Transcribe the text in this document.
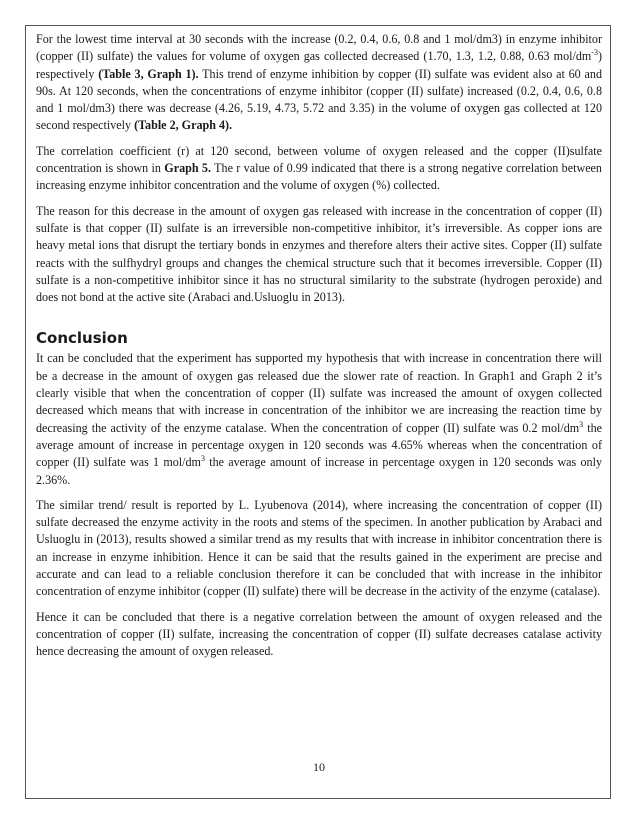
For the lowest time interval at 30 seconds with the increase (0.2, 0.4, 0.6, 0.8 and 1 mol/dm3) in enzyme inhibitor (copper (II) sulfate) the values for volume of oxygen gas collected decreased (1.70, 1.3, 1.2, 0.88, 0.63 mol/$dm^{-3}$) respectively (Table 3, Graph 1). This trend of enzyme inhibition by copper (II) sulfate was evident also at 60 and 90s. At 120 seconds, when the concentrations of enzyme inhibitor (copper (II) sulfate) increased (0.2, 0.4, 0.6, 0.8 and 1 mol/dm3) there was decrease (4.26, 5.19, 4.73, 5.72 and 3.35) in the volume of oxygen gas collected at 120 second respectively (Table 2, Graph 4).

The correlation coefficient (r) at 120 second, between volume of oxygen released and the copper (II)sulfate concentration is shown in Graph 5. The r value of 0.99 indicated that there is a strong negative correlation between increasing enzyme inhibitor concentration and the volume of oxygen (%) collected.

The reason for this decrease in the amount of oxygen gas released with increase in the concentration of copper (II) sulfate is that copper (II) sulfate is an irreversible non-competitive inhibitor, it’s irreversible. As copper ions are heavy metal ions that disrupt the tertiary bonds in enzymes and therefore alters their active sites. Copper (II) sulfate reacts with the sulfhydryl groups and changes the chemical structure such that it becomes irreversible. Copper (II) sulfate is a non-competitive inhibitor since it has no structural similarity to the substrate (hydrogen peroxide) and does not bond at the active site (Arabaci and.Usluoglu in 2013).

Conclusion

It can be concluded that the experiment has supported my hypothesis that with increase in concentration there will be a decrease in the amount of oxygen gas released due the slower rate of reaction. In Graph1 and Graph 2 it’s clearly visible that when the concentration of copper (II) sulfate was increased the amount of oxygen collected decreased which means that with increase in concentration of the inhibitor we are increasing the reaction time by decreasing the activity of the enzyme catalase. When the concentration of copper (II) sulfate was 0.2 mol/$dm^3$ the average amount of increase in percentage oxygen in 120 seconds was 4.65% whereas when the concentration of copper (II) sulfate was 1 mol/$dm^3$ the average amount of increase in percentage oxygen in 120 seconds was only 2.36%.

The similar trend/ result is reported by L. Lyubenova (2014), where increasing the concentration of copper (II) sulfate decreased the enzyme activity in the roots and stems of the specimen. In another publication by Arabaci and Usluoglu in (2013), results showed a similar trend as my results that with increase in inhibitor concentration there is an increase in enzyme inhibition. Hence it can be said that the results gained in the experiment are precise and accurate and can lead to a reliable conclusion therefore it can be concluded that with increase in the inhibitor concentration of enzyme inhibitor (copper (II) sulfate) there will be decrease in the activity of the enzyme (catalase).

Hence it can be concluded that there is a negative correlation between the amount of oxygen released and the concentration of copper (II) sulfate, increasing the concentration of copper (II) sulfate decreases catalase activity hence decreasing the amount of oxygen released.

10
